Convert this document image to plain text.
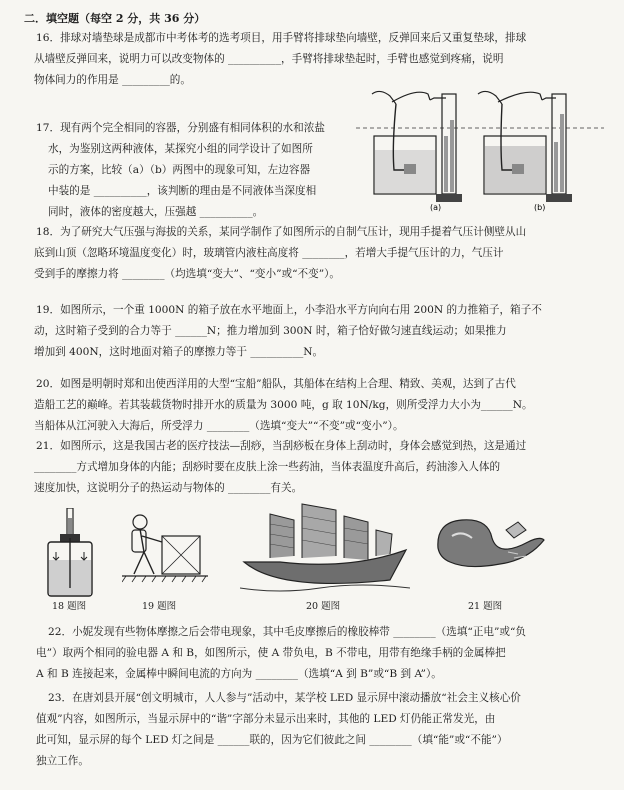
二．填空题（每空 2 分，共 36 分）

16．排球对墙垫球是成都市中考体考的选考项目，用手臂将排球垫向墙壁，反弹回来后又重复垫球，排球

从墙壁反弹回来，说明力可以改变物体的 __________，手臂将排球垫起时，手臂也感觉到疼痛，说明

物体间力的作用是 _________的。

17．现有两个完全相同的容器，分别盛有相同体积的水和浓盐

水，为鉴别这两种液体，某探究小组的同学设计了如图所

示的方案，比较（a）（b）两图中的现象可知，左边容器

中装的是 __________，该判断的理由是不同液体当深度相

同时，液体的密度越大，压强越 __________。	(a)	(b)

18．为了研究大气压强与海拔的关系，某同学制作了如图所示的自制气压计，现用手提着气压计侧壁从山

底到山顶（忽略环境温度变化）时，玻璃管内液柱高度将 ________，若增大手提气压计的力，气压计

受到手的摩擦力将 ________（均选填“变大”、“变小”或“不变”）。

19．如图所示，一个重 1000N 的箱子放在水平地面上，小李沿水平方向向右用 200N 的力推箱子，箱子不

动，这时箱子受到的合力等于 ______N；推力增加到 300N 时，箱子恰好做匀速直线运动；如果推力

增加到 400N，这时地面对箱子的摩擦力等于 __________N。

20．如图是明朝时郑和出使西洋用的大型“宝船”船队，其船体在结构上合理、精致、美观，达到了古代

造船工艺的巅峰。若其装载货物时排开水的质量为 3000 吨，g 取 10N/kg，则所受浮力大小为______N。

当船体从江河驶入大海后，所受浮力 ________（选填“变大”“不变”或“变小”）。

21．如图所示，这是我国古老的医疗技法—刮痧，当刮痧板在身体上刮动时，身体会感觉到热，这是通过

________方式增加身体的内能；刮痧时要在皮肤上涂一些药油，当体表温度升高后，药油渗入人体的

速度加快，这说明分子的热运动与物体的 ________有关。

18 题图	19 题图	20 题图	21 题图

22．小妮发现有些物体摩擦之后会带电现象，其中毛皮摩擦后的橡胶棒带 ________（选填“正电”或“负

电”）取两个相同的验电器 A 和 B，如图所示，使 A 带负电，B 不带电，用带有绝缘手柄的金属棒把

A 和 B 连接起来，金属棒中瞬间电流的方向为 ________（选填“A 到 B”或“B 到 A”）。

23．在唐刘县开展“创文明城市，人人参与”活动中，某学校 LED 显示屏中滚动播放“社会主义核心价

值观”内容，如图所示，当显示屏中的“谐”字部分未显示出来时，其他的 LED 灯仍能正常发光，由

此可知，显示屏的每个 LED 灯之间是 ______联的，因为它们彼此之间 ________（填“能”或“不能”）

独立工作。
